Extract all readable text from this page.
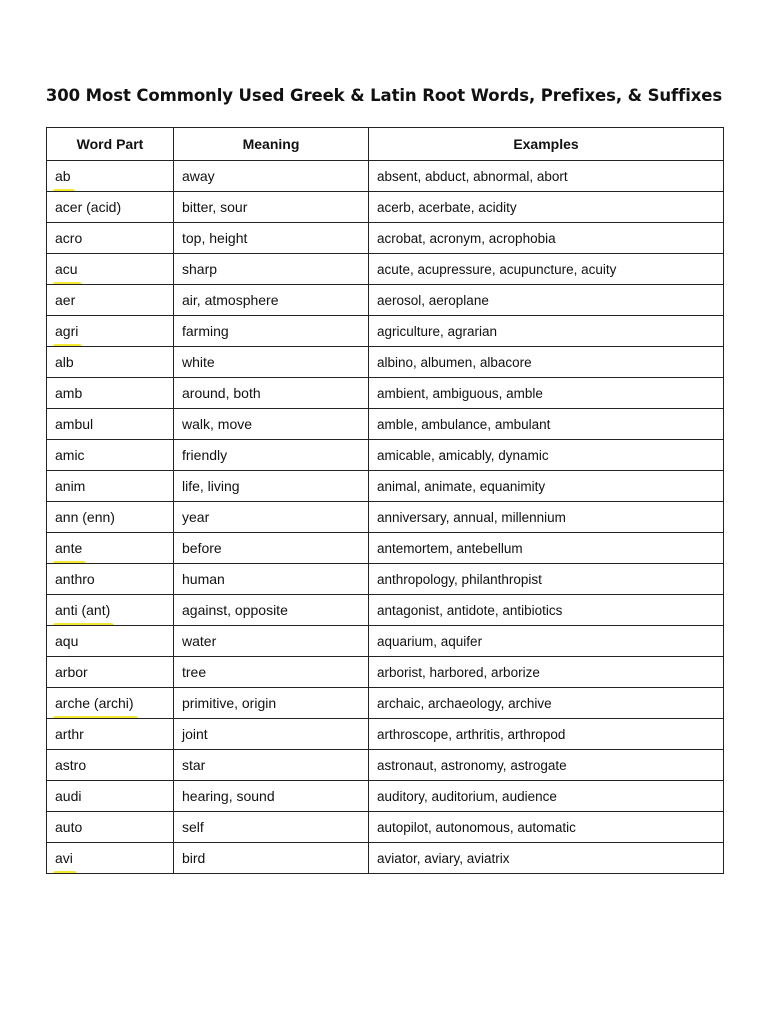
300 Most Commonly Used Greek & Latin Root Words, Prefixes, & Suffixes
Word Part	Meaning	Examples
ab	away	absent, abduct, abnormal, abort
acer (acid)	bitter, sour	acerb, acerbate, acidity
acro	top, height	acrobat, acronym, acrophobia
acu	sharp	acute, acupressure, acupuncture, acuity
aer	air, atmosphere	aerosol, aeroplane
agri	farming	agriculture, agrarian
alb	white	albino, albumen, albacore
amb	around, both	ambient, ambiguous, amble
ambul	walk, move	amble, ambulance, ambulant
amic	friendly	amicable, amicably, dynamic
anim	life, living	animal, animate, equanimity
ann (enn)	year	anniversary, annual, millennium
ante	before	antemortem, antebellum
anthro	human	anthropology, philanthropist
anti (ant)	against, opposite	antagonist, antidote, antibiotics
aqu	water	aquarium, aquifer
arbor	tree	arborist, harbored, arborize
arche (archi)	primitive, origin	archaic, archaeology, archive
arthr	joint	arthroscope, arthritis, arthropod
astro	star	astronaut, astronomy, astrogate
audi	hearing, sound	auditory, auditorium, audience
auto	self	autopilot, autonomous, automatic
avi	bird	aviator, aviary, aviatrix
